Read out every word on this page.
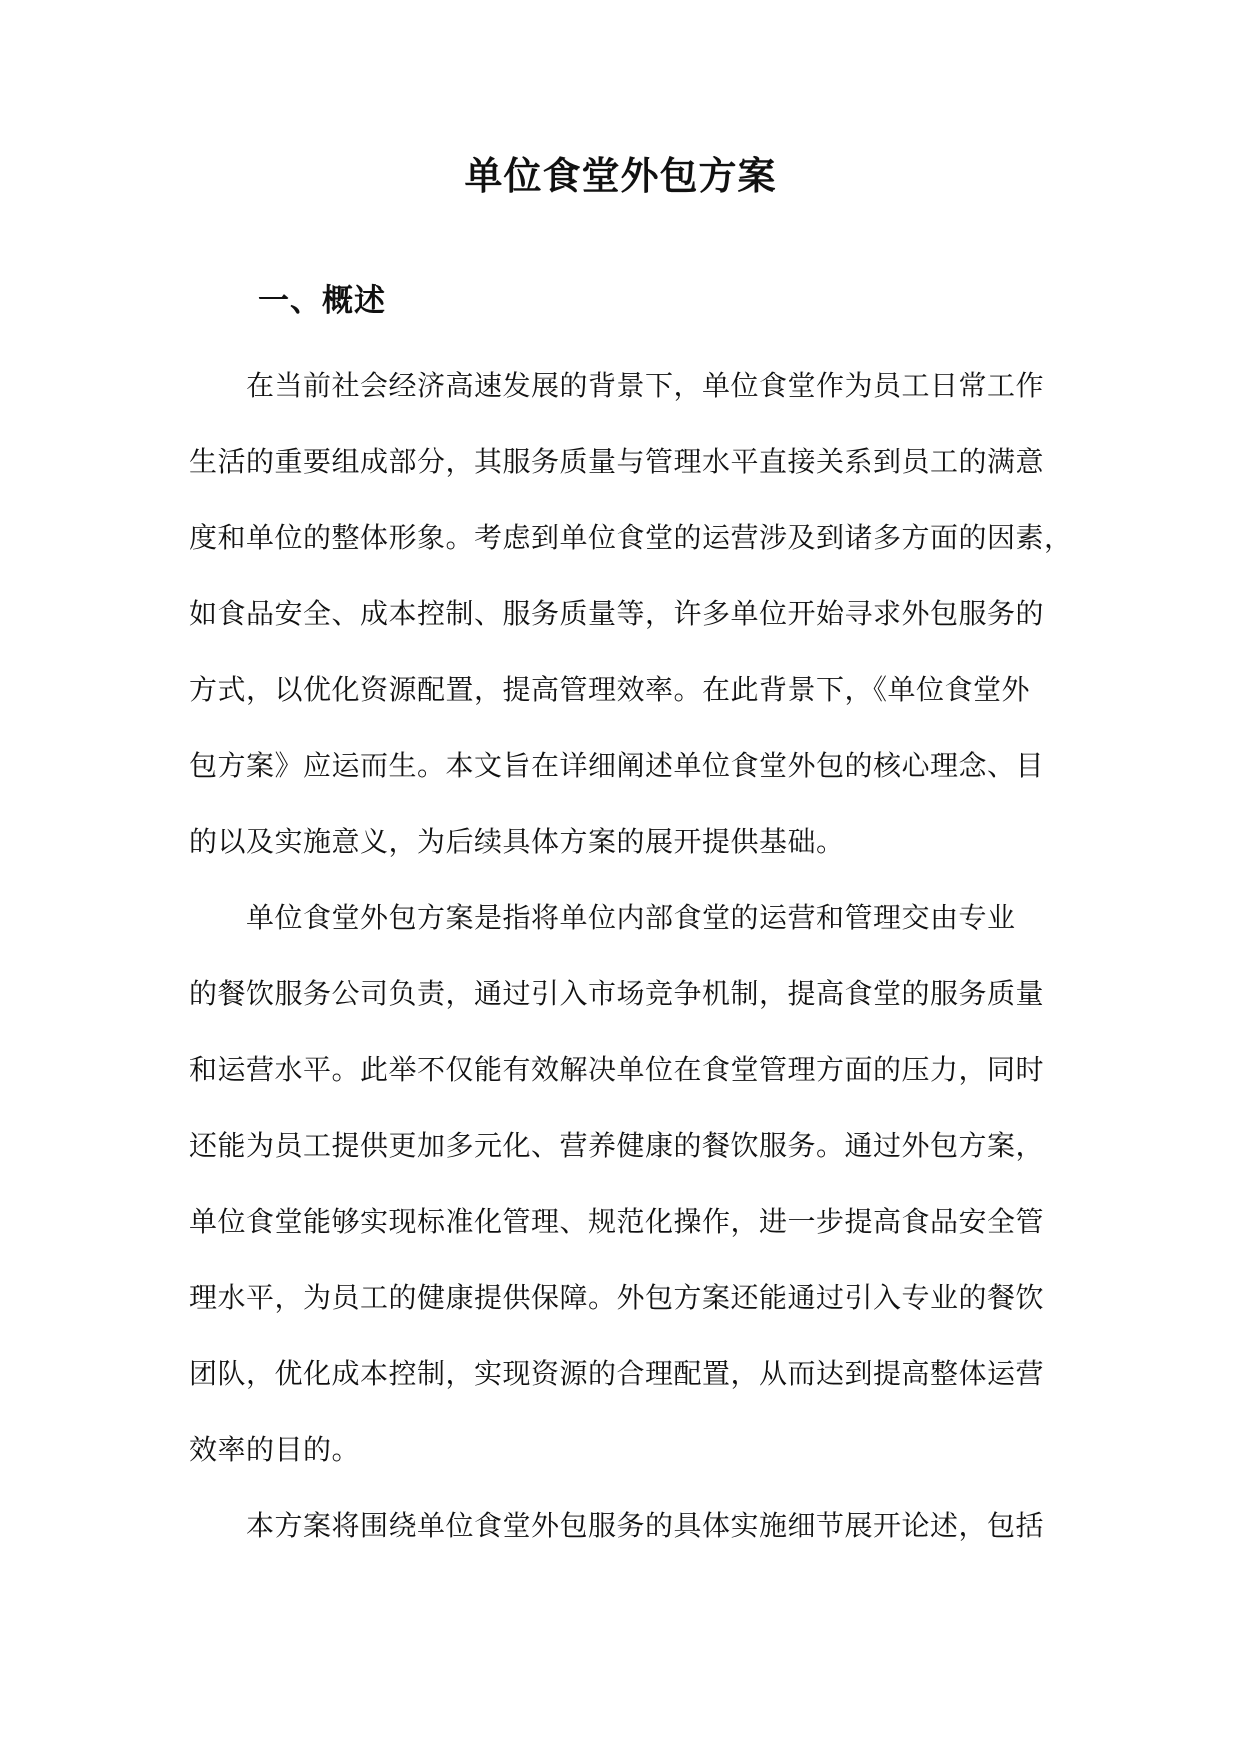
单位食堂外包方案
一、概述
在当前社会经济高速发展的背景下，单位食堂作为员工日常工作
生活的重要组成部分，其服务质量与管理水平直接关系到员工的满意
度和单位的整体形象。考虑到单位食堂的运营涉及到诸多方面的因素，
如食品安全、成本控制、服务质量等，许多单位开始寻求外包服务的
方式，以优化资源配置，提高管理效率。在此背景下，《单位食堂外
包方案》应运而生。本文旨在详细阐述单位食堂外包的核心理念、目
的以及实施意义，为后续具体方案的展开提供基础。
单位食堂外包方案是指将单位内部食堂的运营和管理交由专业
的餐饮服务公司负责，通过引入市场竞争机制，提高食堂的服务质量
和运营水平。此举不仅能有效解决单位在食堂管理方面的压力，同时
还能为员工提供更加多元化、营养健康的餐饮服务。通过外包方案，
单位食堂能够实现标准化管理、规范化操作，进一步提高食品安全管
理水平，为员工的健康提供保障。外包方案还能通过引入专业的餐饮
团队，优化成本控制，实现资源的合理配置，从而达到提高整体运营
效率的目的。
本方案将围绕单位食堂外包服务的具体实施细节展开论述，包括
